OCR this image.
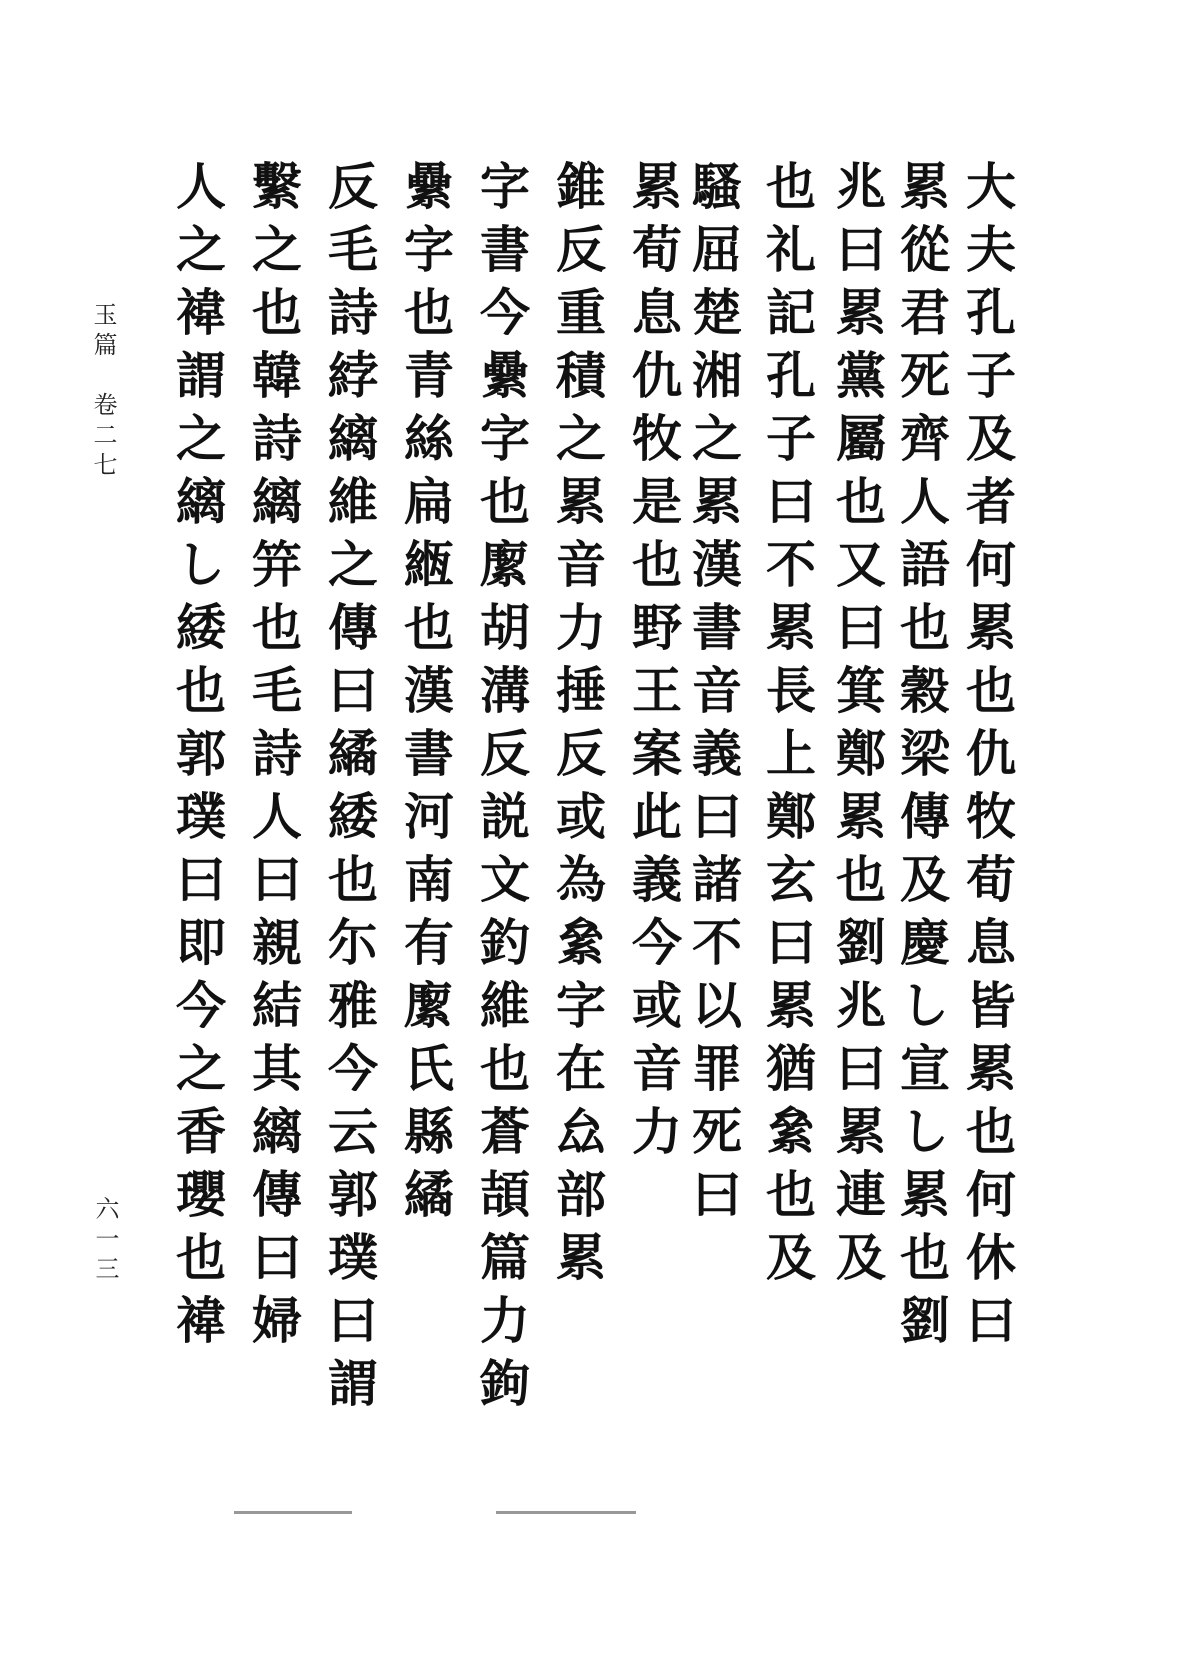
玉篇　卷二七
六一三 人之褘謂之縭し緌也郭璞曰即今之香瓔也褘 繫之也韓詩縭笄也毛詩人曰親結其縭傳曰婦 反毛詩綍縭維之傳曰繘緌也尓雅今云郭璞曰謂 纍字也青絲扁緪也漢書河南有緳氏縣繘 字書今纍字也緳胡溝反説文釣維也蒼頡篇力鉤 錐反重積之累音力捶反或為絫字在厽部累 累荀息仇牧是也野王案此義今或音力 騷屈楚湘之累漢書音義曰諸不以罪死曰 也礼記孔子曰不累長上鄭玄曰累猶絫也及 兆曰累黨屬也又曰箕鄭累也劉兆曰累連及 累從君死齊人語也穀梁傳及慶し宣し累也劉 大夫孔子及者何累也仇牧荀息皆累也何休曰
